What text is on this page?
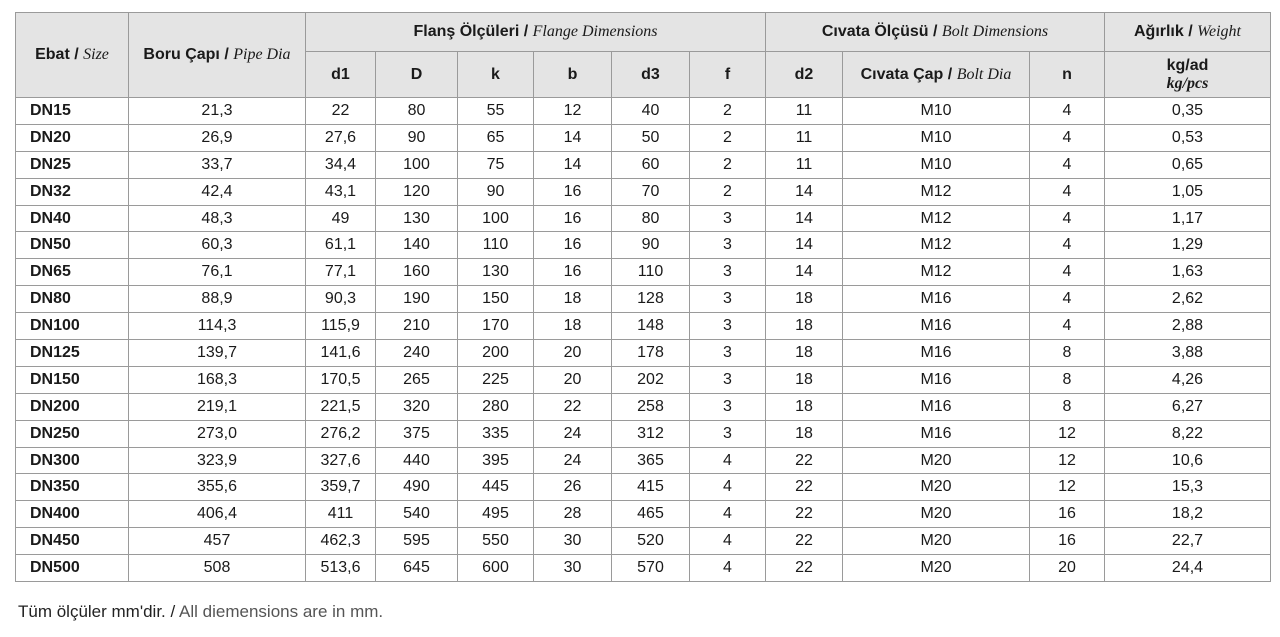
Ebat / Size	Boru Çapı / Pipe Dia	Flanş Ölçüleri / Flange Dimensions						Cıvata Ölçüsü / Bolt Dimensions			Ağırlık / Weight
		d1	D	k	b	d3	f	d2	Cıvata Çap / Bolt Dia	n	kg/ad
kg/pcs

DN15	21,3	22	80	55	12	40	2	11	M10	4	0,35
DN20	26,9	27,6	90	65	14	50	2	11	M10	4	0,53
DN25	33,7	34,4	100	75	14	60	2	11	M10	4	0,65
DN32	42,4	43,1	120	90	16	70	2	14	M12	4	1,05
DN40	48,3	49	130	100	16	80	3	14	M12	4	1,17
DN50	60,3	61,1	140	110	16	90	3	14	M12	4	1,29
DN65	76,1	77,1	160	130	16	110	3	14	M12	4	1,63
DN80	88,9	90,3	190	150	18	128	3	18	M16	4	2,62
DN100	114,3	115,9	210	170	18	148	3	18	M16	4	2,88
DN125	139,7	141,6	240	200	20	178	3	18	M16	8	3,88
DN150	168,3	170,5	265	225	20	202	3	18	M16	8	4,26
DN200	219,1	221,5	320	280	22	258	3	18	M16	8	6,27
DN250	273,0	276,2	375	335	24	312	3	18	M16	12	8,22
DN300	323,9	327,6	440	395	24	365	4	22	M20	12	10,6
DN350	355,6	359,7	490	445	26	415	4	22	M20	12	15,3
DN400	406,4	411	540	495	28	465	4	22	M20	16	18,2
DN450	457	462,3	595	550	30	520	4	22	M20	16	22,7
DN500	508	513,6	645	600	30	570	4	22	M20	20	24,4
Tüm ölçüler mm'dir. / All diemensions are in mm.
